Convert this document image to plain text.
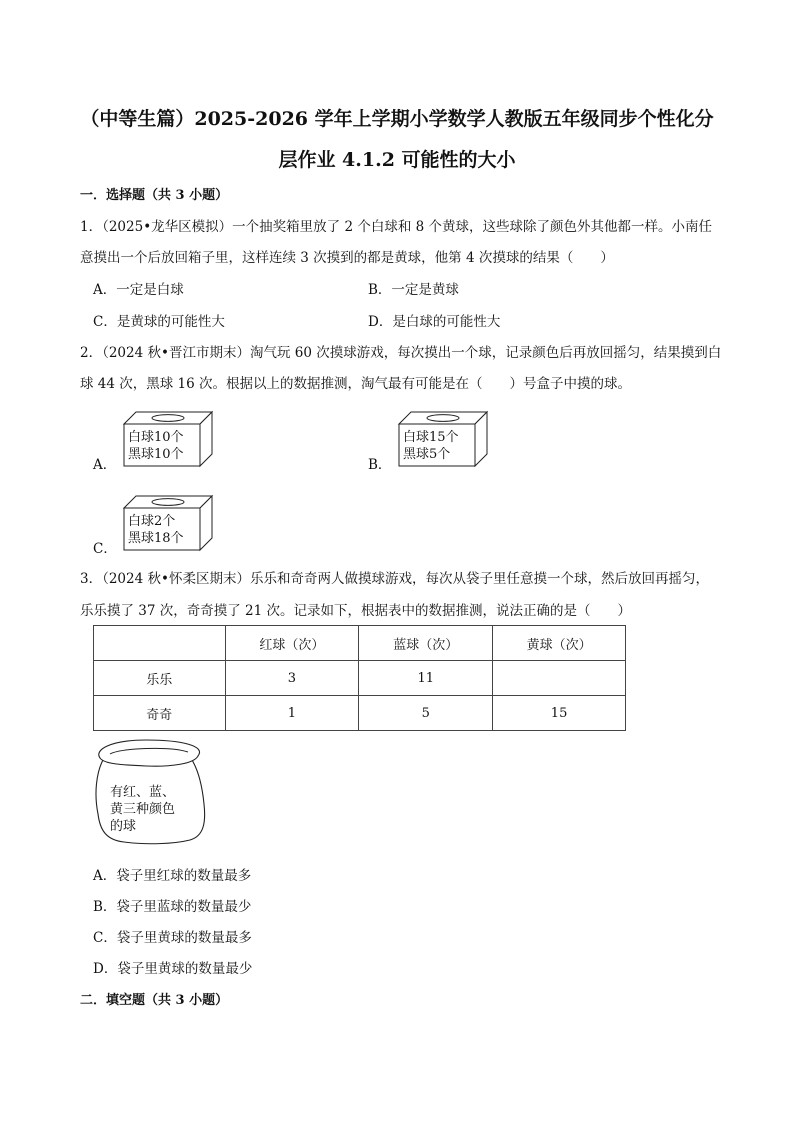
（中等生篇）2025-2026 学年上学期小学数学人教版五年级同步个性化分
层作业 4.1.2 可能性的大小
一．选择题（共 3 小题）
1．（2025•龙华区模拟）一个抽奖箱里放了 2 个白球和 8 个黄球，这些球除了颜色外其他都一样。小南任
意摸出一个后放回箱子里，这样连续 3 次摸到的都是黄球，他第 4 次摸球的结果（　　）
A．一定是白球	B．一定是黄球
C．是黄球的可能性大	D．是白球的可能性大
2．（2024 秋•晋江市期末）淘气玩 60 次摸球游戏，每次摸出一个球，记录颜色后再放回摇匀，结果摸到白
球 44 次，黑球 16 次。根据以上的数据推测，淘气最有可能是在（　　）号盒子中摸的球。
A．
白球10个
黑球10个
B．
白球15个
黑球5个
C．
白球2个
黑球18个
3．（2024 秋•怀柔区期末）乐乐和奇奇两人做摸球游戏，每次从袋子里任意摸一个球，然后放回再摇匀，
乐乐摸了 37 次，奇奇摸了 21 次。记录如下，根据表中的数据推测，说法正确的是（　　）
	红球（次）	蓝球（次）	黄球（次）
乐乐	3	11	
奇奇	1	5	15
有红、蓝、
黄三种颜色
的球
A．袋子里红球的数量最多
B．袋子里蓝球的数量最少
C．袋子里黄球的数量最多
D．袋子里黄球的数量最少
二．填空题（共 3 小题）
